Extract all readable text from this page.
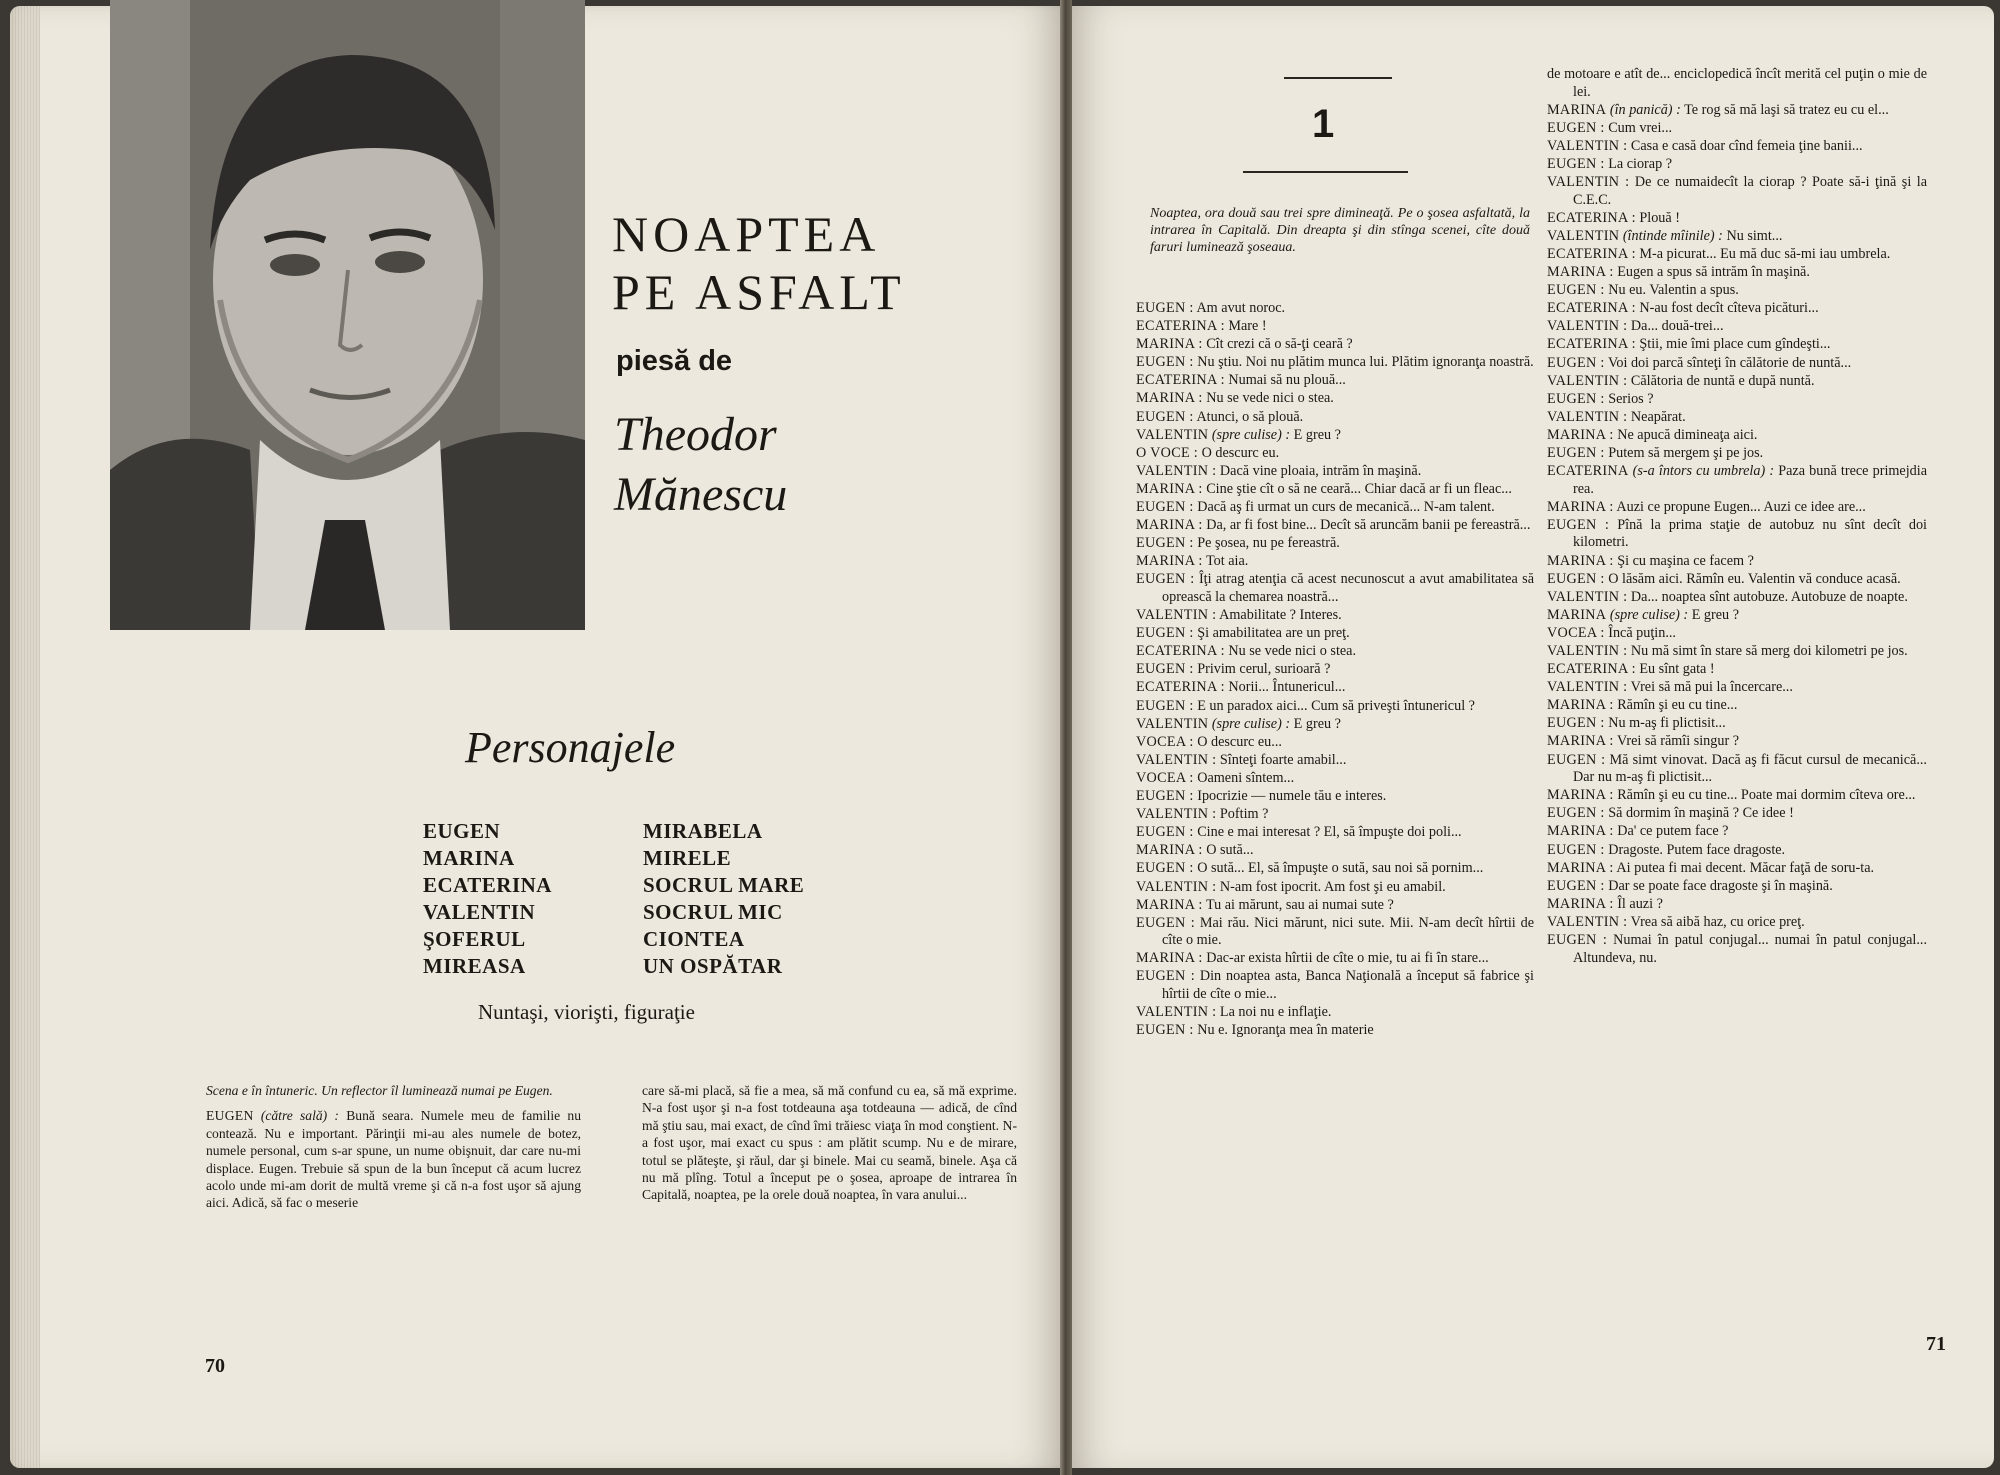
NOAPTEA
PE ASFALT
piesă de
Theodor
Mănescu
Personajele
EUGEN
MARINA
ECATERINA
VALENTIN
ŞOFERUL
MIREASA
MIRABELA
MIRELE
SOCRUL MARE
SOCRUL MIC
CIONTEA
UN OSPĂTAR
Nuntaşi, viorişti, figuraţie

Scena e în întuneric. Un reflector îl luminează numai pe Eugen.

EUGEN (către sală) : Bună seara. Numele meu de familie nu contează. Nu e important. Părinţii mi-au ales numele de botez, numele personal, cum s-ar spune, un nume obişnuit, dar care nu-mi displace. Eugen. Trebuie să spun de la bun început că acum lucrez acolo unde mi-am dorit de multă vreme şi că n-a fost uşor să ajung aici. Adică, să fac o meserie

care să-mi placă, să fie a mea, să mă confund cu ea, să mă exprime. N-a fost uşor şi n-a fost totdeauna aşa totdeauna — adică, de cînd mă ştiu sau, mai exact, de cînd îmi trăiesc viaţa în mod conştient. N-a fost uşor, mai exact cu spus : am plătit scump. Nu e de mirare, totul se plăteşte, şi răul, dar şi binele. Mai cu seamă, binele. Aşa că nu mă plîng. Totul a început pe o şosea, aproape de intrarea în Capitală, noaptea, pe la orele două noaptea, în vara anului...

70
1
Noaptea, ora două sau trei spre dimineaţă. Pe o şosea asfaltată, la intrarea în Capitală. Din dreapta şi din stînga scenei, cîte două faruri luminează şoseaua.
EUGEN : Am avut noroc.
ECATERINA : Mare !
MARINA : Cît crezi că o să-ţi ceară ?
EUGEN : Nu ştiu. Noi nu plătim munca lui. Plătim ignoranţa noastră.
ECATERINA : Numai să nu plouă...
MARINA : Nu se vede nici o stea.
EUGEN : Atunci, o să plouă.
VALENTIN (spre culise) : E greu ?
O VOCE : O descurc eu.
VALENTIN : Dacă vine ploaia, intrăm în maşină.
MARINA : Cine ştie cît o să ne ceară... Chiar dacă ar fi un fleac...
EUGEN : Dacă aş fi urmat un curs de mecanică... N-am talent.
MARINA : Da, ar fi fost bine... Decît să aruncăm banii pe fereastră...
EUGEN : Pe şosea, nu pe fereastră.
MARINA : Tot aia.
EUGEN : Îţi atrag atenţia că acest necunoscut a avut amabilitatea să oprească la chemarea noastră...
VALENTIN : Amabilitate ? Interes.
EUGEN : Şi amabilitatea are un preţ.
ECATERINA : Nu se vede nici o stea.
EUGEN : Privim cerul, surioară ?
ECATERINA : Norii... Întunericul...
EUGEN : E un paradox aici... Cum să priveşti întunericul ?
VALENTIN (spre culise) : E greu ?
VOCEA : O descurc eu...
VALENTIN : Sînteţi foarte amabil...
VOCEA : Oameni sîntem...
EUGEN : Ipocrizie — numele tău e interes.
VALENTIN : Poftim ?
EUGEN : Cine e mai interesat ? El, să împuşte doi poli...
MARINA : O sută...
EUGEN : O sută... El, să împuşte o sută, sau noi să pornim...
VALENTIN : N-am fost ipocrit. Am fost şi eu amabil.
MARINA : Tu ai mărunt, sau ai numai sute ?
EUGEN : Mai rău. Nici mărunt, nici sute. Mii. N-am decît hîrtii de cîte o mie.
MARINA : Dac-ar exista hîrtii de cîte o mie, tu ai fi în stare...
EUGEN : Din noaptea asta, Banca Naţională a început să fabrice şi hîrtii de cîte o mie...
VALENTIN : La noi nu e inflaţie.
EUGEN : Nu e. Ignoranţa mea în materie
de motoare e atît de... enciclopedică încît merită cel puţin o mie de lei.
MARINA (în panică) : Te rog să mă laşi să tratez eu cu el...
EUGEN : Cum vrei...
VALENTIN : Casa e casă doar cînd femeia ţine banii...
EUGEN : La ciorap ?
VALENTIN : De ce numaidecît la ciorap ? Poate să-i ţină şi la C.E.C.
ECATERINA : Plouă !
VALENTIN (întinde mîinile) : Nu simt...
ECATERINA : M-a picurat... Eu mă duc să-mi iau umbrela.
MARINA : Eugen a spus să intrăm în maşină.
EUGEN : Nu eu. Valentin a spus.
ECATERINA : N-au fost decît cîteva picături...
VALENTIN : Da... două-trei...
ECATERINA : Ştii, mie îmi place cum gîndeşti...
EUGEN : Voi doi parcă sînteţi în călătorie de nuntă...
VALENTIN : Călătoria de nuntă e după nuntă.
EUGEN : Serios ?
VALENTIN : Neapărat.
MARINA : Ne apucă dimineaţa aici.
EUGEN : Putem să mergem şi pe jos.
ECATERINA (s-a întors cu umbrela) : Paza bună trece primejdia rea.
MARINA : Auzi ce propune Eugen... Auzi ce idee are...
EUGEN : Pînă la prima staţie de autobuz nu sînt decît doi kilometri.
MARINA : Şi cu maşina ce facem ?
EUGEN : O lăsăm aici. Rămîn eu. Valentin vă conduce acasă.
VALENTIN : Da... noaptea sînt autobuze. Autobuze de noapte.
MARINA (spre culise) : E greu ?
VOCEA : Încă puţin...
VALENTIN : Nu mă simt în stare să merg doi kilometri pe jos.
ECATERINA : Eu sînt gata !
VALENTIN : Vrei să mă pui la încercare...
MARINA : Rămîn şi eu cu tine...
EUGEN : Nu m-aş fi plictisit...
MARINA : Vrei să rămîi singur ?
EUGEN : Mă simt vinovat. Dacă aş fi făcut cursul de mecanică... Dar nu m-aş fi plictisit...
MARINA : Rămîn şi eu cu tine... Poate mai dormim cîteva ore...
EUGEN : Să dormim în maşină ? Ce idee !
MARINA : Da' ce putem face ?
EUGEN : Dragoste. Putem face dragoste.
MARINA : Ai putea fi mai decent. Măcar faţă de soru-ta.
EUGEN : Dar se poate face dragoste şi în maşină.
MARINA : Îl auzi ?
VALENTIN : Vrea să aibă haz, cu orice preţ.
EUGEN : Numai în patul conjugal... numai în patul conjugal... Altundeva, nu.
71
